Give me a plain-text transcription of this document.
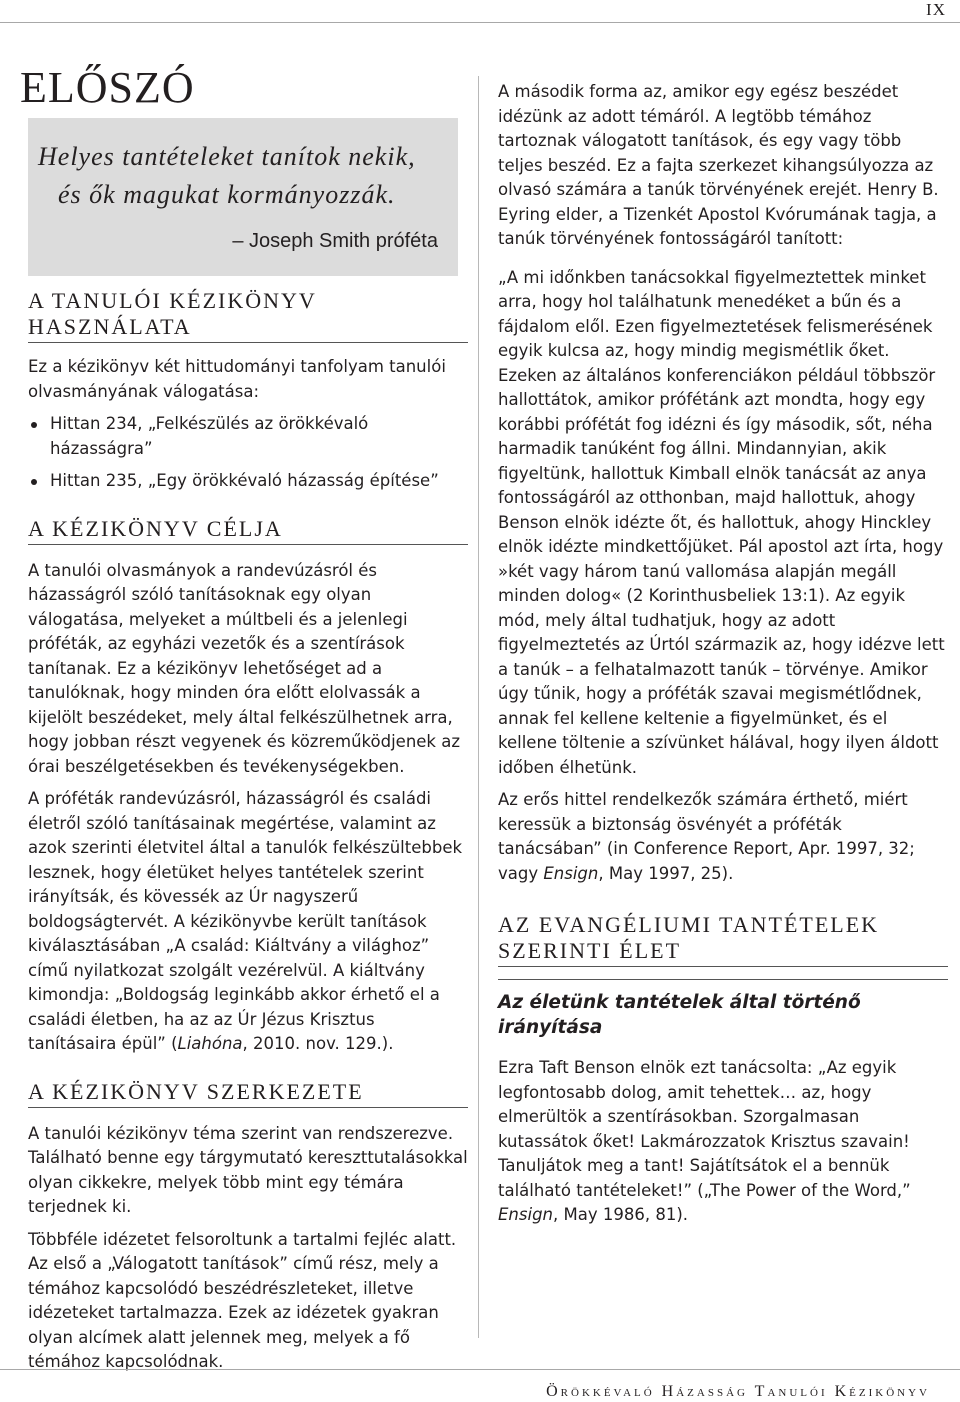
IX
ELŐSZÓ
Helyes tantételeket tanítok nekik,
és ők magukat kormányozzák.
– Joseph Smith próféta
A TANULÓI KÉZIKÖNYV
HASZNÁLATA

Ez a kézikönyv két hittudományi tanfolyam tanulói olvasmányának válogatása:

Hittan 234, „Felkészülés az örökkévaló házasságra”
Hittan 235, „Egy örökkévaló házasság építése”
A KÉZIKÖNYV CÉLJA

A tanulói olvasmányok a randevúzásról és házasságról szóló tanításoknak egy olyan válogatása, melyeket a múltbeli és a jelenlegi próféták, az egyházi vezetők és a szentírások tanítanak. Ez a kézikönyv lehetőséget ad a tanulóknak, hogy minden óra előtt elolvassák a kijelölt beszédeket, mely által felkészülhetnek arra, hogy jobban részt vegyenek és közreműködjenek az órai beszélgetésekben és tevékenységekben.

A próféták randevúzásról, házasságról és családi életről szóló tanításainak megértése, valamint az azok szerinti életvitel által a tanulók felkészültebbek lesznek, hogy életüket helyes tantételek szerint irányítsák, és kövessék az Úr nagyszerű boldogságtervét. A kézikönyvbe került tanítások kiválasztásában „A család: Kiáltvány a világhoz” című nyilatkozat szolgált vezérelvül. A kiáltvány kimondja: „Boldogság leginkább akkor érhető el a családi életben, ha az az Úr Jézus Krisztus tanításaira épül” (Liahóna, 2010. nov. 129.).

A KÉZIKÖNYV SZERKEZETE

A tanulói kézikönyv téma szerint van rendszerezve. Található benne egy tárgymutató kereszttutalásokkal olyan cikkekre, melyek több mint egy témára terjednek ki.

Többféle idézetet felsoroltunk a tartalmi fejléc alatt. Az első a „Válogatott tanítások” című rész, mely a témához kapcsolódó beszédrészleteket, illetve idézeteket tartalmazza. Ezek az idézetek gyakran olyan alcímek alatt jelennek meg, melyek a fő témához kapcsolódnak.

A második forma az, amikor egy egész beszédet idézünk az adott témáról. A legtöbb témához tartoznak válogatott tanítások, és egy vagy több teljes beszéd. Ez a fajta szerkezet kihangsúlyozza az olvasó számára a tanúk törvényének erejét. Henry B. Eyring elder, a Tizenkét Apostol Kvórumának tagja, a tanúk törvényének fontosságáról tanított:

„A mi időnkben tanácsokkal figyelmeztettek minket arra, hogy hol találhatunk menedéket a bűn és a fájdalom elől. Ezen figyelmeztetések felismerésének egyik kulcsa az, hogy mindig megismétlik őket. Ezeken az általános konferenciákon például többször hallottátok, amikor prófétánk azt mondta, hogy egy korábbi prófétát fog idézni és így második, sőt, néha harmadik tanúként fog állni. Mindannyian, akik figyeltünk, hallottuk Kimball elnök tanácsát az anya fontosságáról az otthonban, majd hallottuk, ahogy Benson elnök idézte őt, és hallottuk, ahogy Hinckley elnök idézte mindkettőjüket. Pál apostol azt írta, hogy »két vagy három tanú vallomása alapján megáll minden dolog« (2 Korinthusbeliek 13:1). Az egyik mód, mely által tudhatjuk, hogy az adott figyelmeztetés az Úrtól származik az, hogy idézve lett a tanúk – a felhatalmazott tanúk – törvénye. Amikor úgy tűnik, hogy a próféták szavai megismétlődnek, annak fel kellene keltenie a figyelmünket, és el kellene töltenie a szívünket hálával, hogy ilyen áldott időben élhetünk.

Az erős hittel rendelkezők számára érthető, miért keressük a biztonság ösvényét a próféták tanácsában” (in Conference Report, Apr. 1997, 32; vagy Ensign, May 1997, 25).

AZ EVANGÉLIUMI TANTÉTELEK
SZERINTI ÉLET

Az életünk tantételek által történő

irányítása

Ezra Taft Benson elnök ezt tanácsolta: „Az egyik legfontosabb dolog, amit tehettek… az, hogy elmerültök a szentírásokban. Szorgalmasan kutassátok őket! Lakmározzatok Krisztus szavain! Tanuljátok meg a tant! Sajátítsátok el a bennük található tantételeket!” („The Power of the Word,” Ensign, May 1986, 81).

Örökkévaló Házasság Tanulói Kézikönyv
